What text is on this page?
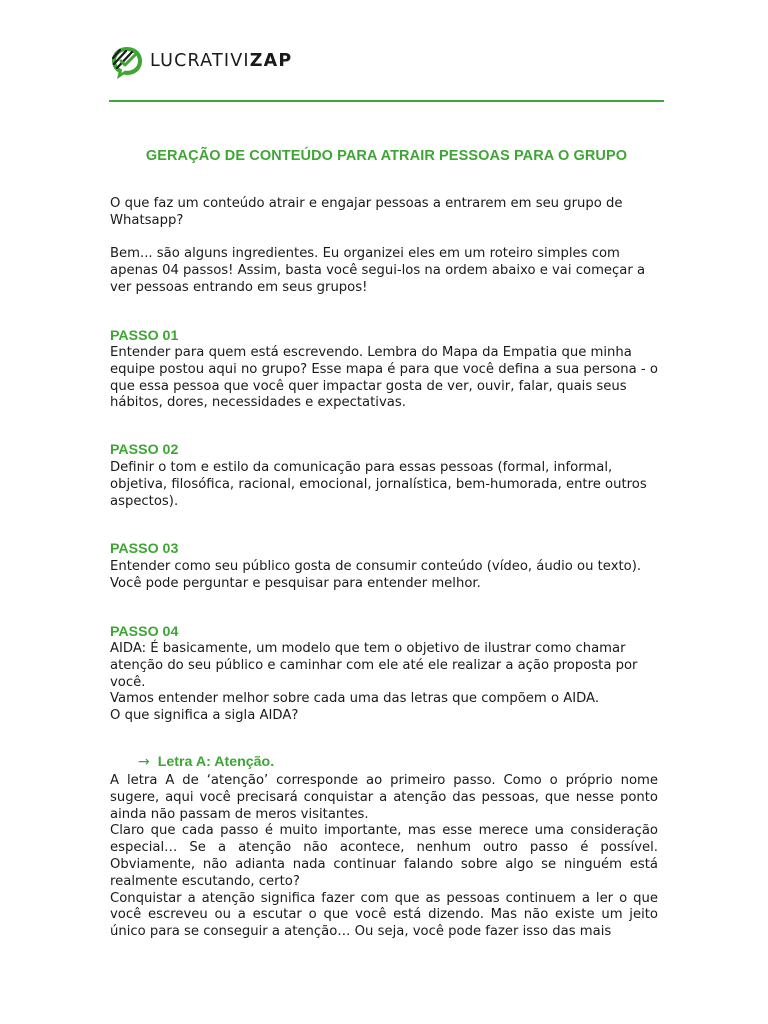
LUCRATIVIZAP
GERAÇÃO DE CONTEÚDO PARA ATRAIR PESSOAS PARA O GRUPO
O que faz um conteúdo atrair e engajar pessoas a entrarem em seu grupo de Whatsapp?
Bem... são alguns ingredientes. Eu organizei eles em um roteiro simples com apenas 04 passos! Assim, basta você segui-los na ordem abaixo e vai começar a ver pessoas entrando em seus grupos!
PASSO 01
Entender para quem está escrevendo. Lembra do Mapa da Empatia que minha equipe postou aqui no grupo? Esse mapa é para que você defina a sua persona - o que essa pessoa que você quer impactar gosta de ver, ouvir, falar, quais seus hábitos, dores, necessidades e expectativas.
PASSO 02
Definir o tom e estilo da comunicação para essas pessoas (formal, informal, objetiva, filosófica, racional, emocional, jornalística, bem-humorada, entre outros aspectos).
PASSO 03
Entender como seu público gosta de consumir conteúdo (vídeo, áudio ou texto). Você pode perguntar e pesquisar para entender melhor.
PASSO 04

AIDA: É basicamente, um modelo que tem o objetivo de ilustrar como chamar atenção do seu público e caminhar com ele até ele realizar a ação proposta por você.

Vamos entender melhor sobre cada uma das letras que compõem o AIDA.

O que significa a sigla AIDA?

→ Letra A: Atenção.

A letra A de ‘atenção’ corresponde ao primeiro passo. Como o próprio nome sugere, aqui você precisará conquistar a atenção das pessoas, que nesse ponto ainda não passam de meros visitantes.

Claro que cada passo é muito importante, mas esse merece uma consideração especial… Se a atenção não acontece, nenhum outro passo é possível. Obviamente, não adianta nada continuar falando sobre algo se ninguém está realmente escutando, certo?

Conquistar a atenção significa fazer com que as pessoas continuem a ler o que você escreveu ou a escutar o que você está dizendo. Mas não existe um jeito único para se conseguir a atenção… Ou seja, você pode fazer isso das mais
